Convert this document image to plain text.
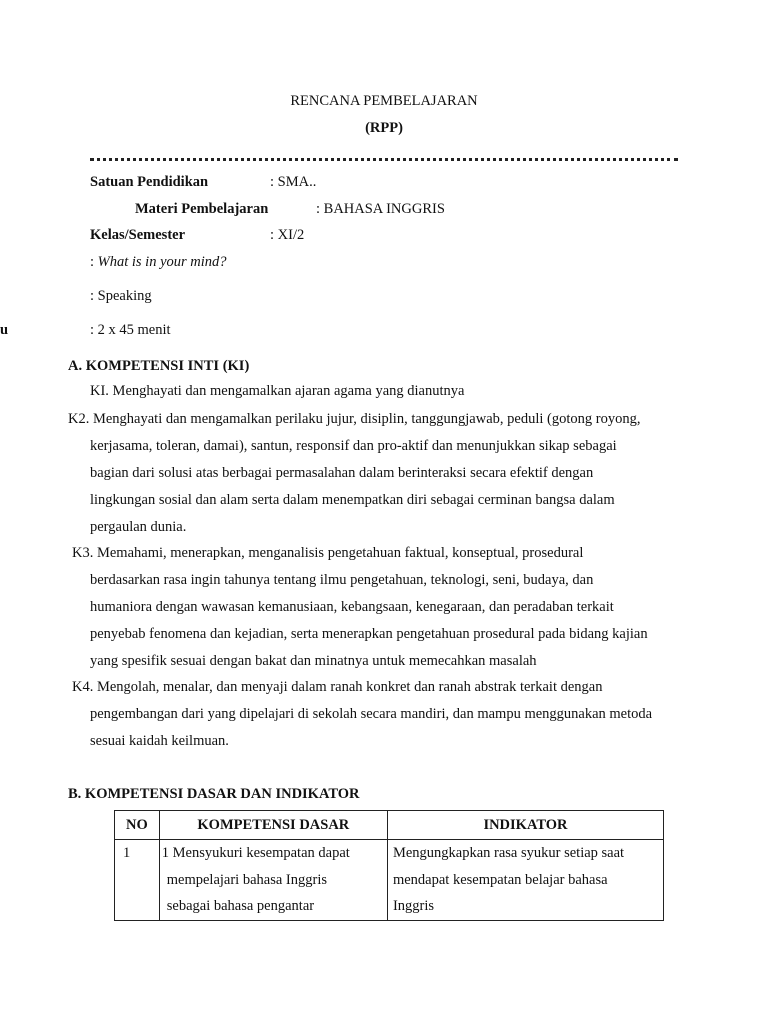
RENCANA PEMBELAJARAN
(RPP)
Satuan Pendidikan	: SMA..
Materi Pembelajaran	: BAHASA INGGRIS
Kelas/Semester	: XI/2
: What is in your mind?
: Speaking
u	: 2 x 45 menit
A. KOMPETENSI INTI (KI)
KI. Menghayati dan mengamalkan ajaran agama yang dianutnya
K2. Menghayati dan mengamalkan perilaku jujur, disiplin, tanggungjawab, peduli (gotong royong,
kerjasama, toleran, damai), santun, responsif dan pro-aktif dan menunjukkan sikap sebagai
bagian dari solusi atas berbagai permasalahan dalam berinteraksi secara efektif dengan
lingkungan sosial dan alam serta dalam menempatkan diri sebagai cerminan bangsa dalam
pergaulan dunia.
K3. Memahami, menerapkan, menganalisis pengetahuan faktual, konseptual, prosedural
berdasarkan rasa ingin tahunya tentang ilmu pengetahuan, teknologi, seni, budaya, dan
humaniora dengan wawasan kemanusiaan, kebangsaan, kenegaraan, dan peradaban terkait
penyebab fenomena dan kejadian, serta menerapkan pengetahuan prosedural pada bidang kajian
yang spesifik sesuai dengan bakat dan minatnya untuk memecahkan masalah
K4. Mengolah, menalar, dan menyaji dalam ranah konkret dan ranah abstrak terkait dengan
pengembangan dari yang dipelajari di sekolah secara mandiri, dan mampu menggunakan metoda
sesuai kaidah keilmuan.
B. KOMPETENSI DASAR DAN INDIKATOR
NO	KOMPETENSI DASAR	INDIKATOR

1	1 Mensyukuri kesempatan dapat
mempelajari bahasa Inggris
sebagai bahasa pengantar	Mengungkapkan rasa syukur setiap saat
mendapat kesempatan belajar bahasa
Inggris
